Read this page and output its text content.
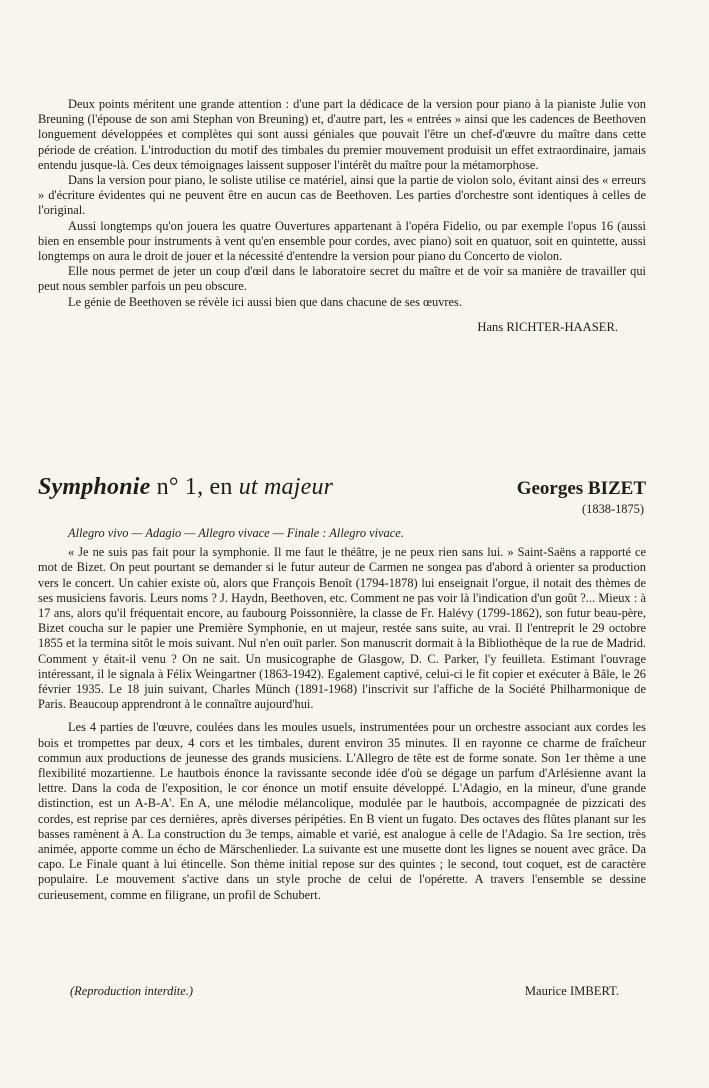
Deux points méritent une grande attention : d'une part la dédicace de la version pour piano à la pianiste Julie von Breuning (l'épouse de son ami Stephan von Breuning) et, d'autre part, les « entrées » ainsi que les cadences de Beethoven longuement développées et complètes qui sont aussi géniales que pouvait l'être un chef-d'œuvre du maître dans cette période de création. L'introduction du motif des timbales du premier mouvement produisit un effet extraordinaire, jamais entendu jusque-là. Ces deux témoignages laissent supposer l'intérêt du maître pour la métamorphose.

Dans la version pour piano, le soliste utilise ce matériel, ainsi que la partie de violon solo, évitant ainsi des « erreurs » d'écriture évidentes qui ne peuvent être en aucun cas de Beethoven. Les parties d'orchestre sont identiques à celles de l'original.

Aussi longtemps qu'on jouera les quatre Ouvertures appartenant à l'opéra Fidelio, ou par exemple l'opus 16 (aussi bien en ensemble pour instruments à vent qu'en ensemble pour cordes, avec piano) soit en quatuor, soit en quintette, aussi longtemps on aura le droit de jouer et la nécessité d'entendre la version pour piano du Concerto de violon.

Elle nous permet de jeter un coup d'œil dans le laboratoire secret du maître et de voir sa manière de travailler qui peut nous sembler parfois un peu obscure.

Le génie de Beethoven se révèle ici aussi bien que dans chacune de ses œuvres.

Hans RICHTER-HAASER.
Symphonie n° 1, en ut majeur	Georges BIZET
(1838-1875)

Allegro vivo — Adagio — Allegro vivace — Finale : Allegro vivace.

« Je ne suis pas fait pour la symphonie. Il me faut le théâtre, je ne peux rien sans lui. » Saint-Saëns a rapporté ce mot de Bizet. On peut pourtant se demander si le futur auteur de Carmen ne songea pas d'abord à orienter sa production vers le concert. Un cahier existe où, alors que François Benoît (1794-1878) lui enseignait l'orgue, il notait des thèmes de ses musiciens favoris. Leurs noms ? J. Haydn, Beethoven, etc. Comment ne pas voir là l'indication d'un goût ?... Mieux : à 17 ans, alors qu'il fréquentait encore, au faubourg Poissonnière, la classe de Fr. Halévy (1799-1862), son futur beau-père, Bizet coucha sur le papier une Première Symphonie, en ut majeur, restée sans suite, au vrai. Il l'entreprit le 29 octobre 1855 et la termina sitôt le mois suivant. Nul n'en ouït parler. Son manuscrit dormait à la Bibliothèque de la rue de Madrid. Comment y était-il venu ? On ne sait. Un musicographe de Glasgow, D. C. Parker, l'y feuilleta. Estimant l'ouvrage intéressant, il le signala à Félix Weingartner (1863-1942). Egalement captivé, celui-ci le fit copier et exécuter à Bâle, le 26 février 1935. Le 18 juin suivant, Charles Münch (1891-1968) l'inscrivit sur l'affiche de la Société Philharmonique de Paris. Beaucoup apprendront à le connaître aujourd'hui.

Les 4 parties de l'œuvre, coulées dans les moules usuels, instrumentées pour un orchestre associant aux cordes les bois et trompettes par deux, 4 cors et les timbales, durent environ 35 minutes. Il en rayonne ce charme de fraîcheur commun aux productions de jeunesse des grands musiciens. L'Allegro de tête est de forme sonate. Son 1er thème a une flexibilité mozartienne. Le hautbois énonce la ravissante seconde idée d'où se dégage un parfum d'Arlésienne avant la lettre. Dans la coda de l'exposition, le cor énonce un motif ensuite développé. L'Adagio, en la mineur, d'une grande distinction, est un A-B-A'. En A, une mélodie mélancolique, modulée par le hautbois, accompagnée de pizzicati des cordes, est reprise par ces dernières, après diverses péripéties. En B vient un fugato. Des octaves des flûtes planant sur les basses ramènent à A. La construction du 3e temps, aimable et varié, est analogue à celle de l'Adagio. Sa 1re section, très animée, apporte comme un écho de Märschenlieder. La suivante est une musette dont les lignes se nouent avec grâce. Da capo. Le Finale quant à lui étincelle. Son thème initial repose sur des quintes ; le second, tout coquet, est de caractère populaire. Le mouvement s'active dans un style proche de celui de l'opérette. A travers l'ensemble se dessine curieusement, comme en filigrane, un profil de Schubert.

(Reproduction interdite.)	Maurice IMBERT.
